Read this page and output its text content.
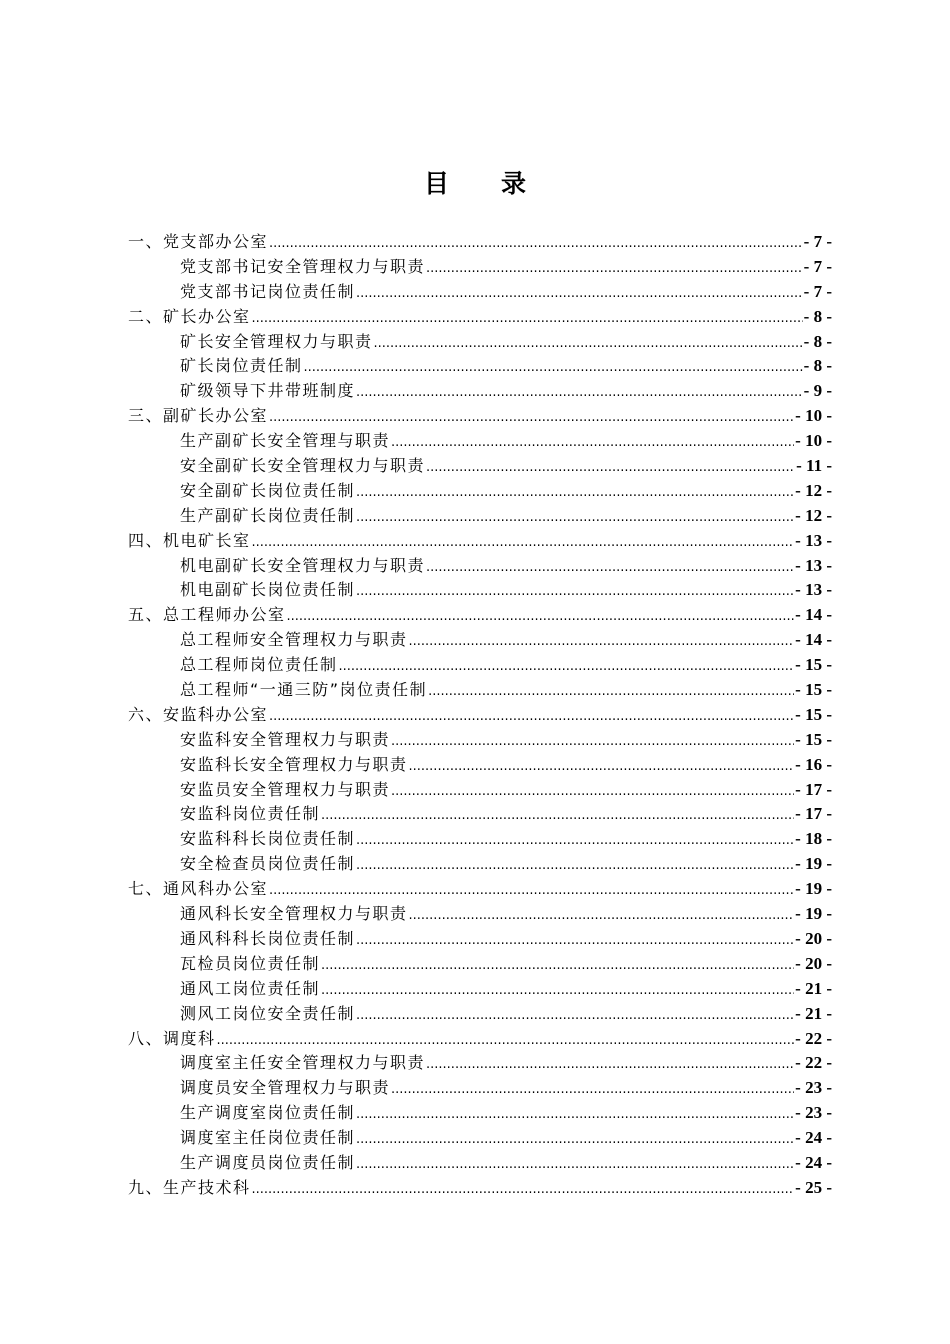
目 录
一、党支部办公室 .....	- 7 -
党支部书记安全管理权力与职责 .....	- 7 -
党支部书记岗位责任制 .....	- 7 -
二、矿长办公室 .....	- 8 -
矿长安全管理权力与职责 .....	- 8 -
矿长岗位责任制 .....	- 8 -
矿级领导下井带班制度 .....	- 9 -
三、副矿长办公室 .....	- 10 -
生产副矿长安全管理与职责 .....	- 10 -
安全副矿长安全管理权力与职责 .....	- 11 -
安全副矿长岗位责任制 .....	- 12 -
生产副矿长岗位责任制 .....	- 12 -
四、机电矿长室 .....	- 13 -
机电副矿长安全管理权力与职责 .....	- 13 -
机电副矿长岗位责任制 .....	- 13 -
五、总工程师办公室 .....	- 14 -
总工程师安全管理权力与职责 .....	- 14 -
总工程师岗位责任制 .....	- 15 -
总工程师“一通三防”岗位责任制 .....	- 15 -
六、安监科办公室 .....	- 15 -
安监科安全管理权力与职责 .....	- 15 -
安监科长安全管理权力与职责 .....	- 16 -
安监员安全管理权力与职责 .....	- 17 -
安监科岗位责任制 .....	- 17 -
安监科科长岗位责任制 .....	- 18 -
安全检查员岗位责任制 .....	- 19 -
七、通风科办公室 .....	- 19 -
通风科长安全管理权力与职责 .....	- 19 -
通风科科长岗位责任制 .....	- 20 -
瓦检员岗位责任制 .....	- 20 -
通风工岗位责任制 .....	- 21 -
测风工岗位安全责任制 .....	- 21 -
八、调度科 .....	- 22 -
调度室主任安全管理权力与职责 .....	- 22 -
调度员安全管理权力与职责 .....	- 23 -
生产调度室岗位责任制 .....	- 23 -
调度室主任岗位责任制 .....	- 24 -
生产调度员岗位责任制 .....	- 24 -
九、生产技术科 .....	- 25 -
